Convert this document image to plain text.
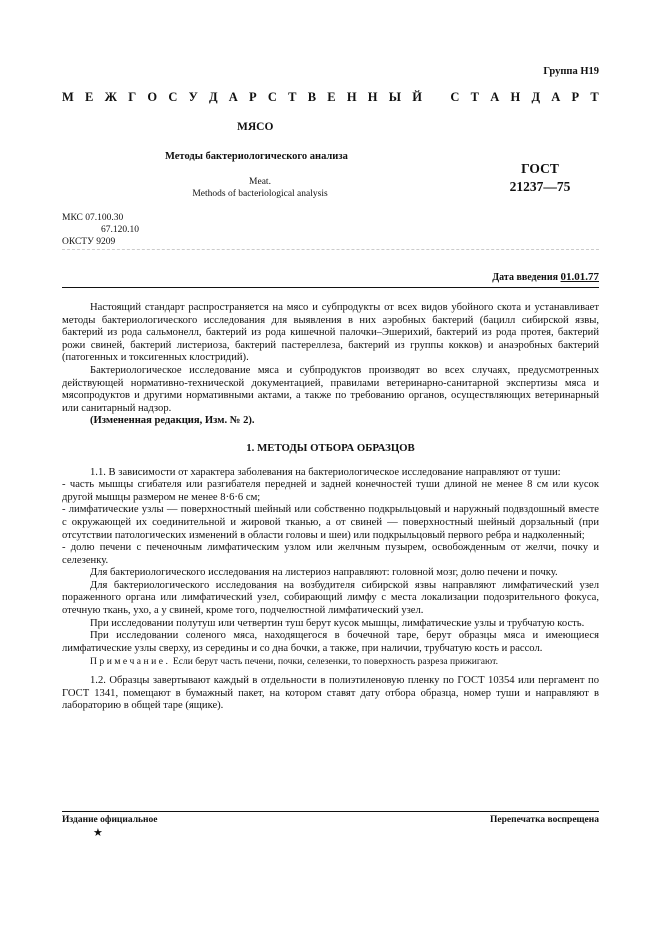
Группа Н19
М Е Ж Г О С У Д А Р С Т В Е Н Н Ы Й С Т А Н Д А Р Т
МЯСО
Методы бактериологического анализа
ГОСТ
21237—75
Meat.
Methods of bacteriological analysis
МКС 07.100.30
67.120.10
ОКСТУ 9209
Дата введения 01.01.77

Настоящий стандарт распространяется на мясо и субпродукты от всех видов убойного скота и устанавливает методы бактериологического исследования для выявления в них аэробных бактерий (бацилл сибирской язвы, бактерий из рода сальмонелл, бактерий из рода кишечной палочки–Эшерихий, бактерий из рода протея, бактерий рожи свиней, бактерий листериоза, бактерий пастереллеза, бактерий из группы кокков) и анаэробных бактерий (патогенных и токсигенных клостридий).

Бактериологическое исследование мяса и субпродуктов производят во всех случаях, предусмотренных действующей нормативно-технической документацией, правилами ветеринарно-санитарной экспертизы мяса и мясопродуктов и другими нормативными актами, а также по требованию органов, осуществляющих ветеринарный или санитарный надзор.

(Измененная редакция, Изм. № 2).

1. МЕТОДЫ ОТБОРА ОБРАЗЦОВ

1.1. В зависимости от характера заболевания на бактериологическое исследование направляют от туши:

- часть мышцы сгибателя или разгибателя передней и задней конечностей туши длиной не менее 8 см или кусок другой мышцы размером не менее 8·6·6 см;

- лимфатические узлы — поверхностный шейный или собственно подкрыльцовый и наружный подвздошный вместе с окружающей их соединительной и жировой тканью, а от свиней — поверхностный шейный дорзальный (при отсутствии патологических изменений в области головы и шеи) или подкрыльцовый первого ребра и надколенный;

- долю печени с печеночным лимфатическим узлом или желчным пузырем, освобожденным от желчи, почку и селезенку.

Для бактериологического исследования на листериоз направляют: головной мозг, долю печени и почку.

Для бактериологического исследования на возбудителя сибирской язвы направляют лимфатический узел пораженного органа или лимфатический узел, собирающий лимфу с места локализации подозрительного фокуса, отечную ткань, ухо, а у свиней, кроме того, подчелюстной лимфатический узел.

При исследовании полутуш или четвертин туш берут кусок мышцы, лимфатические узлы и трубчатую кость.

При исследовании соленого мяса, находящегося в бочечной таре, берут образцы мяса и имеющиеся лимфатические узлы сверху, из середины и со дна бочки, а также, при наличии, трубчатую кость и рассол.

Примечание. Если берут часть печени, почки, селезенки, то поверхность разреза прижигают.

1.2. Образцы завертывают каждый в отдельности в полиэтиленовую пленку по ГОСТ 10354 или пергамент по ГОСТ 1341, помещают в бумажный пакет, на котором ставят дату отбора образца, номер туши и направляют в лабораторию в общей таре (ящике).

Издание официальное	Перепечатка воспрещена
★
